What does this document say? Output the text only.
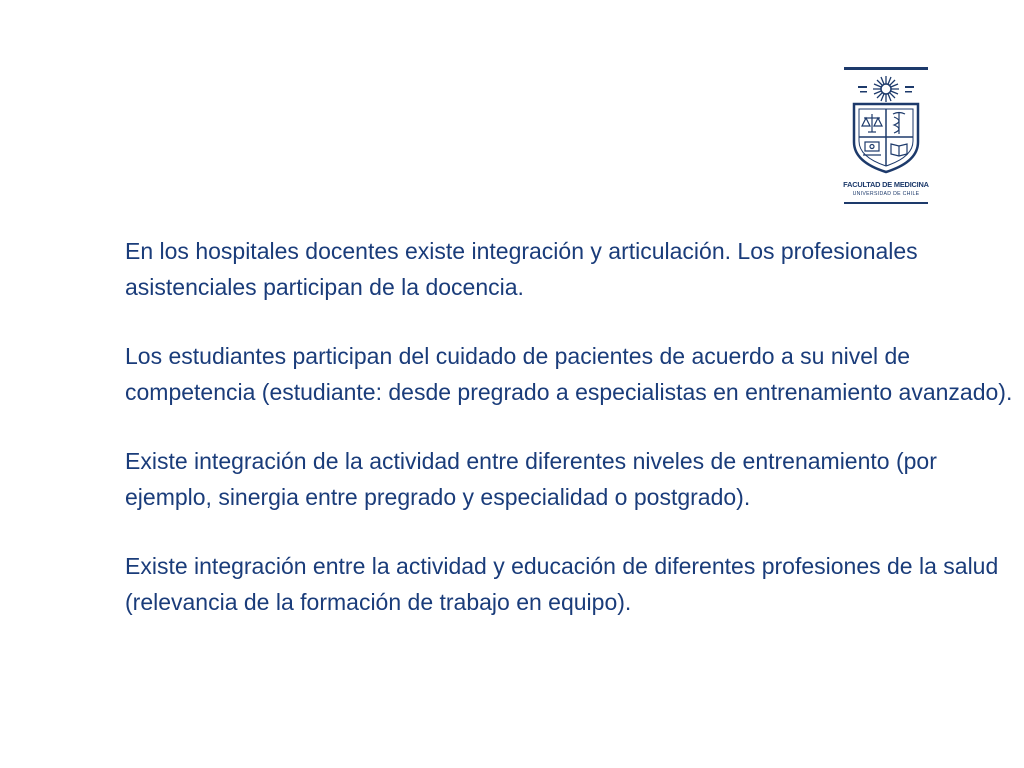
FACULTAD DE MEDICINA
UNIVERSIDAD DE CHILE

En los hospitales docentes existe integración y articulación. Los profesionales asistenciales participan de la docencia.

Los estudiantes participan del cuidado de pacientes de acuerdo a su nivel de competencia (estudiante: desde pregrado a especialistas en entrenamiento avanzado).

Existe integración de la actividad entre diferentes niveles de entrenamiento (por ejemplo, sinergia entre pregrado y especialidad o postgrado).

Existe integración entre la actividad y educación de diferentes profesiones de la salud (relevancia de la formación de trabajo en equipo).
